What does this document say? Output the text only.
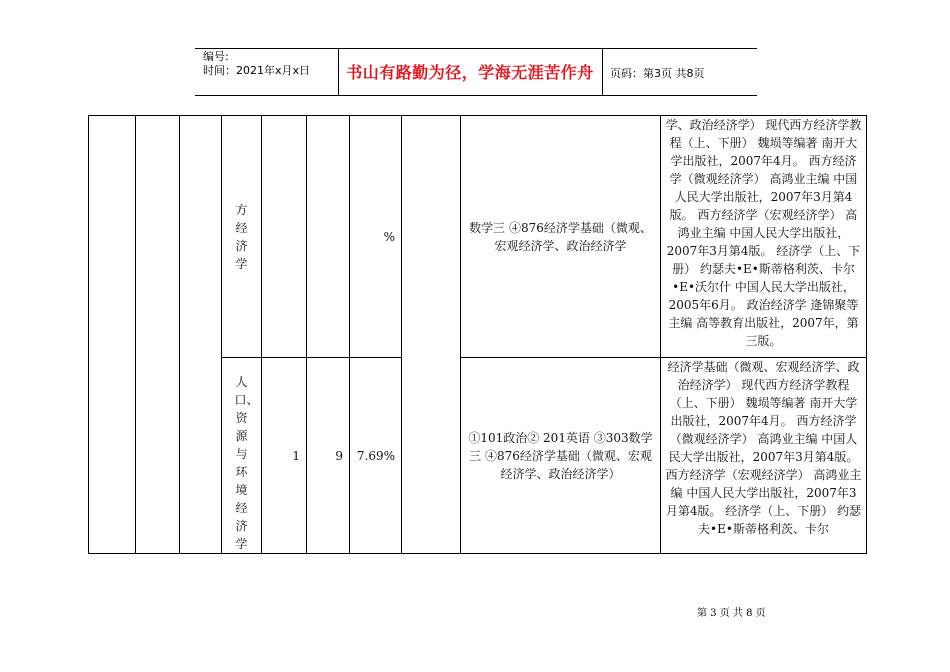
编号:
时间：2021年x月x日	书山有路勤为径，学海无涯苦作舟	页码：第3页 共8页

			方经济学			%		数学三 ④876经济学基础（微观、宏观经济学、政治经济学	学、政治经济学） 现代西方经济学教程（上、下册） 魏埙等编著 南开大学出版社，2007年4月。 西方经济学（微观经济学） 高鸿业主编 中国人民大学出版社，2007年3月第4版。 西方经济学（宏观经济学） 高鸿业主编 中国人民大学出版社，2007年3月第4版。 经济学（上、下册） 约瑟夫•E•斯蒂格利茨、卡尔•E•沃尔什 中国人民大学出版社，2005年6月。 政治经济学 逄锦聚等主编 高等教育出版社，2007年，第三版。

			人口、资源与环境经济学	1	9	7.69%		①101政治② 201英语 ③303数学三 ④876经济学基础（微观、宏观经济学、政治经济学）	经济学基础（微观、宏观经济学、政治经济学） 现代西方经济学教程（上、下册） 魏埙等编著 南开大学出版社，2007年4月。 西方经济学（微观经济学） 高鸿业主编 中国人民大学出版社，2007年3月第4版。 西方经济学（宏观经济学） 高鸿业主编 中国人民大学出版社，2007年3月第4版。 经济学（上、下册） 约瑟夫•E•斯蒂格利茨、卡尔
第 3 页 共 8 页
